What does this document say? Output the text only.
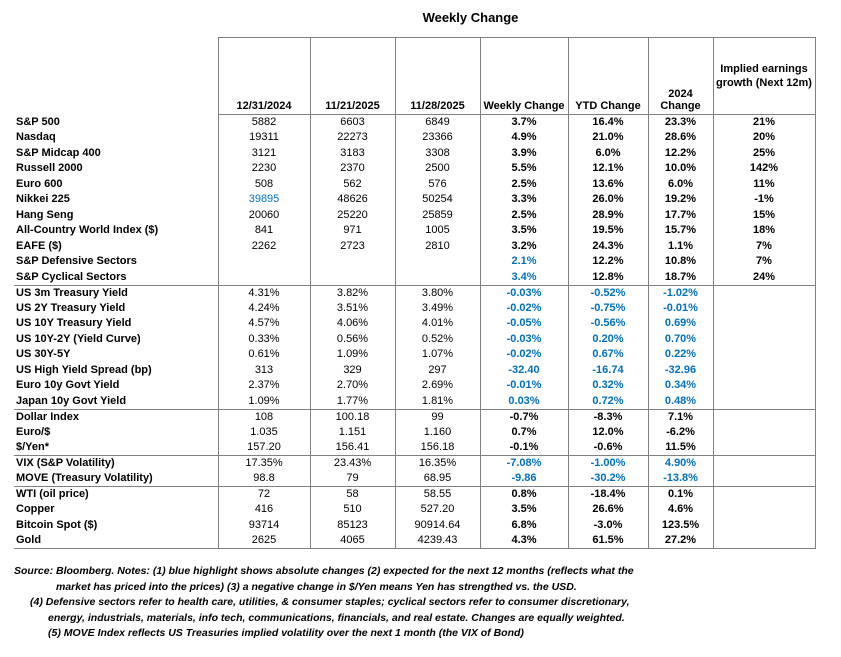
Weekly Change
	12/31/2024	11/21/2025	11/28/2025	Weekly Change	YTD Change	2024 Change	Implied earnings growth (Next 12m)
S&P 500	5882	6603	6849	3.7%	16.4%	23.3%	21%
Nasdaq	19311	22273	23366	4.9%	21.0%	28.6%	20%
S&P Midcap 400	3121	3183	3308	3.9%	6.0%	12.2%	25%
Russell 2000	2230	2370	2500	5.5%	12.1%	10.0%	142%
Euro 600	508	562	576	2.5%	13.6%	6.0%	11%
Nikkei 225	39895	48626	50254	3.3%	26.0%	19.2%	-1%
Hang Seng	20060	25220	25859	2.5%	28.9%	17.7%	15%
All-Country World Index ($)	841	971	1005	3.5%	19.5%	15.7%	18%
EAFE ($)	2262	2723	2810	3.2%	24.3%	1.1%	7%
S&P Defensive Sectors				2.1%	12.2%	10.8%	7%
S&P Cyclical Sectors				3.4%	12.8%	18.7%	24%
US 3m Treasury Yield	4.31%	3.82%	3.80%	-0.03%	-0.52%	-1.02%	
US 2Y Treasury Yield	4.24%	3.51%	3.49%	-0.02%	-0.75%	-0.01%	
US 10Y Treasury Yield	4.57%	4.06%	4.01%	-0.05%	-0.56%	0.69%	
US 10Y-2Y (Yield Curve)	0.33%	0.56%	0.52%	-0.03%	0.20%	0.70%	
US 30Y-5Y	0.61%	1.09%	1.07%	-0.02%	0.67%	0.22%	
US High Yield Spread (bp)	313	329	297	-32.40	-16.74	-32.96	
Euro 10y Govt Yield	2.37%	2.70%	2.69%	-0.01%	0.32%	0.34%	
Japan 10y Govt Yield	1.09%	1.77%	1.81%	0.03%	0.72%	0.48%	
Dollar Index	108	100.18	99	-0.7%	-8.3%	7.1%	
Euro/$	1.035	1.151	1.160	0.7%	12.0%	-6.2%	
$/Yen*	157.20	156.41	156.18	-0.1%	-0.6%	11.5%	
VIX (S&P Volatility)	17.35%	23.43%	16.35%	-7.08%	-1.00%	4.90%	
MOVE (Treasury Volatility)	98.8	79	68.95	-9.86	-30.2%	-13.8%	
WTI (oil price)	72	58	58.55	0.8%	-18.4%	0.1%	
Copper	416	510	527.20	3.5%	26.6%	4.6%	
Bitcoin Spot ($)	93714	85123	90914.64	6.8%	-3.0%	123.5%	
Gold	2625	4065	4239.43	4.3%	61.5%	27.2%	
Source: Bloomberg. Notes: (1) blue highlight shows absolute changes (2) expected for the next 12 months (reflects what the
market has priced into the prices) (3) a negative change in $/Yen means Yen has strengthed vs. the USD.
(4) Defensive sectors refer to health care, utilities, & consumer staples; cyclical sectors refer to consumer discretionary,
energy, industrials, materials, info tech, communications, financials, and real estate. Changes are equally weighted.
(5) MOVE Index reflects US Treasuries implied volatility over the next 1 month (the VIX of Bond)
